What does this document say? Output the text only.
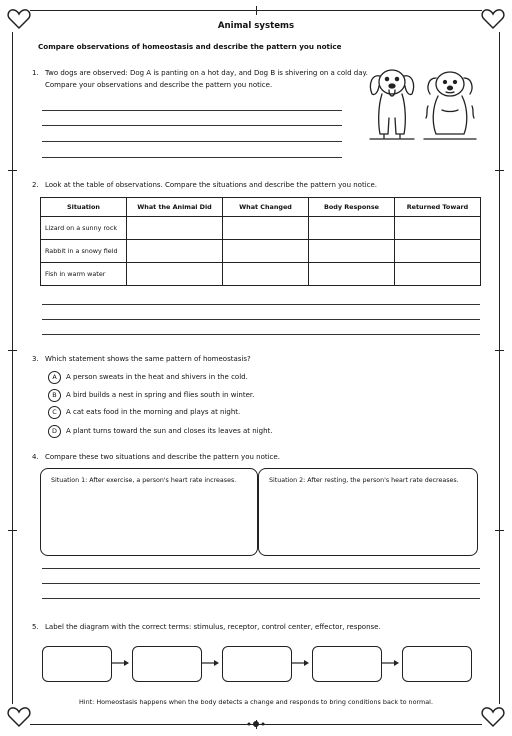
Animal systems
Compare observations of homeostasis and describe the pattern you notice
1. Two dogs are observed: Dog A is panting on a hot day, and Dog B is shivering on a cold day.
Compare your observations and describe the pattern you notice.
2. Look at the table of observations. Compare the situations and describe the pattern you notice.
Situation	What the Animal Did	What Changed	Body Response	Returned Toward
Lizard on a sunny rock				
Rabbit in a snowy field				
Fish in warm water				
3. Which statement shows the same pattern of homeostasis?
A	A person sweats in the heat and shivers in the cold.
B	A bird builds a nest in spring and flies south in winter.
C	A cat eats food in the morning and plays at night.
D	A plant turns toward the sun and closes its leaves at night.
4. Compare these two situations and describe the pattern you notice.
Situation 1: After exercise, a person's heart rate increases.	Situation 2: After resting, the person's heart rate decreases.
5. Label the diagram with the correct terms: stimulus, receptor, control center, effector, response.
Hint: Homeostasis happens when the body detects a change and responds to bring conditions back to normal.
